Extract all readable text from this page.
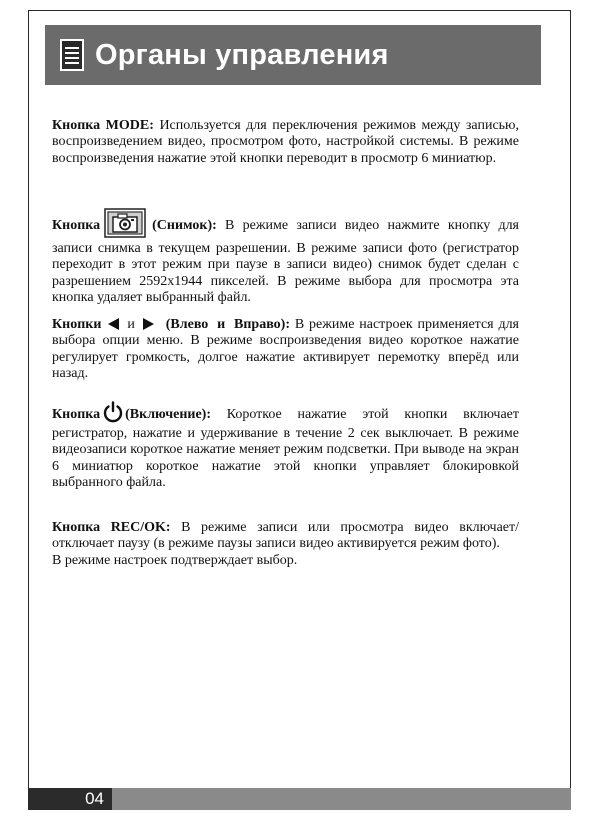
Органы управления

Кнопка MODE: Используется для переключения режимов между записью, воспроизведением видео, просмотром фото, настройкой системы. В режиме воспроизведения нажатие этой кнопки переводит в просмотр 6 миниатюр.

Кнопка	(Снимок): В режиме записи видео нажмите кнопку для записи снимка в текущем разрешении. В режиме записи фото (регистратор переходит в этот режим при паузе в записи видео) снимок будет сделан с разрешением 2592x1944 пикселей. В режиме выбора для просмотра эта кнопка удаляет выбранный файл.

Кнопки и (Влево и Вправо): В режиме настроек применяется для выбора опции меню. В режиме воспроизведения видео короткое нажатие регулирует громкость, долгое нажатие активирует перемотку вперёд или назад.

Кнопка (Включение): Короткое нажатие этой кнопки включает регистратор, нажатие и удерживание в течение 2 сек выключает. В режиме видеозаписи короткое нажатие меняет режим подсветки. При выводе на экран 6 миниатюр короткое нажатие этой кнопки управляет блокировкой выбранного файла.

Кнопка REC/OK: В режиме записи или просмотра видео включает/отключает паузу (в режиме паузы записи видео активируется режим фото).

В режиме настроек подтверждает выбор.

04
